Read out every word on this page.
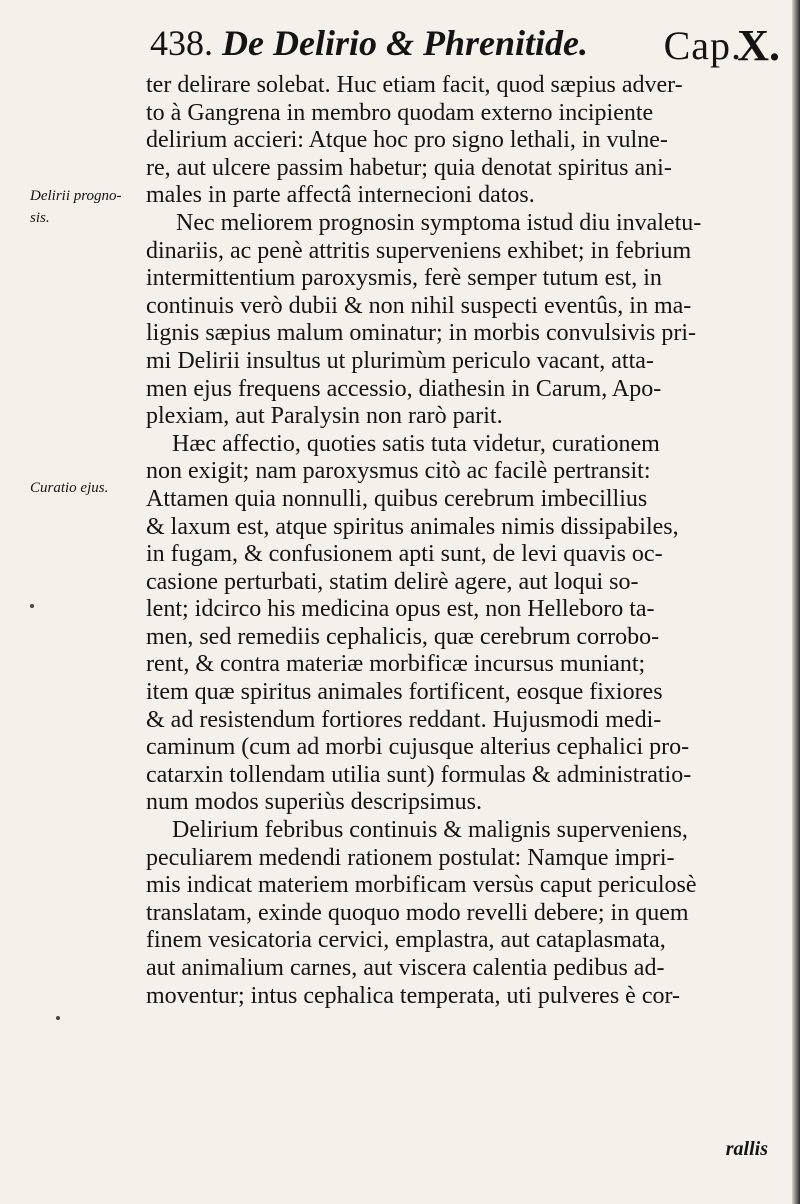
438. De Delirio & Phrenitide. Cap.
X.
Delirii progno-
sis.
Curatio ejus.
ter delirare solebat. Huc etiam facit, quod sæpius adver-
to à Gangrena in membro quodam externo incipiente
delirium accieri: Atque hoc pro signo lethali, in vulne-
re, aut ulcere passim habetur; quia denotat spiritus ani-
males in parte affectâ internecioni datos.
Nec meliorem prognosin symptoma istud diu invaletu-
dinariis, ac penè attritis superveniens exhibet; in febrium
intermittentium paroxysmis, ferè semper tutum est, in
continuis verò dubii & non nihil suspecti eventûs, in ma-
lignis sæpius malum ominatur; in morbis convulsivis pri-
mi Delirii insultus ut plurimùm periculo vacant, attа-
men ejus frequens accessio, diathesin in Carum, Apo-
plexiam, aut Paralysin non rarò parit.
Hæc affectio, quoties satis tuta videtur, curationem
non exigit; nam paroxysmus citò ac facilè pertransit:
Attamen quia nonnulli, quibus cerebrum imbecillius
& laxum est, atque spiritus animales nimis dissipabiles,
in fugam, & confusionem apti sunt, de levi quavis oc-
casione perturbati, statim delirè agere, aut loqui so-
lent; idcirco his medicina opus est, non Helleboro ta-
men, sed remediis cephalicis, quæ cerebrum corrobo-
rent, & contra materiæ morbificæ incursus muniant;
item quæ spiritus animales fortificent, eosque fixiores
& ad resistendum fortiores reddant. Hujusmodi medi-
caminum (cum ad morbi cujusque alterius cephalici pro-
catarxin tollendam utilia sunt) formulas & administratio-
num modos superiùs descripsimus.
Delirium febribus continuis & malignis superveniens,
peculiarem medendi rationem postulat: Namque impri-
mis indicat materiem morbificam versùs caput periculosè
translatam, exinde quoquo modo revelli debere; in quem
finem vesicatoria cervici, emplastra, aut cataplasmata,
aut animalium carnes, aut viscera calentia pedibus ad-
moventur; intus cephalica temperata, uti pulveres è cor-
rallis
